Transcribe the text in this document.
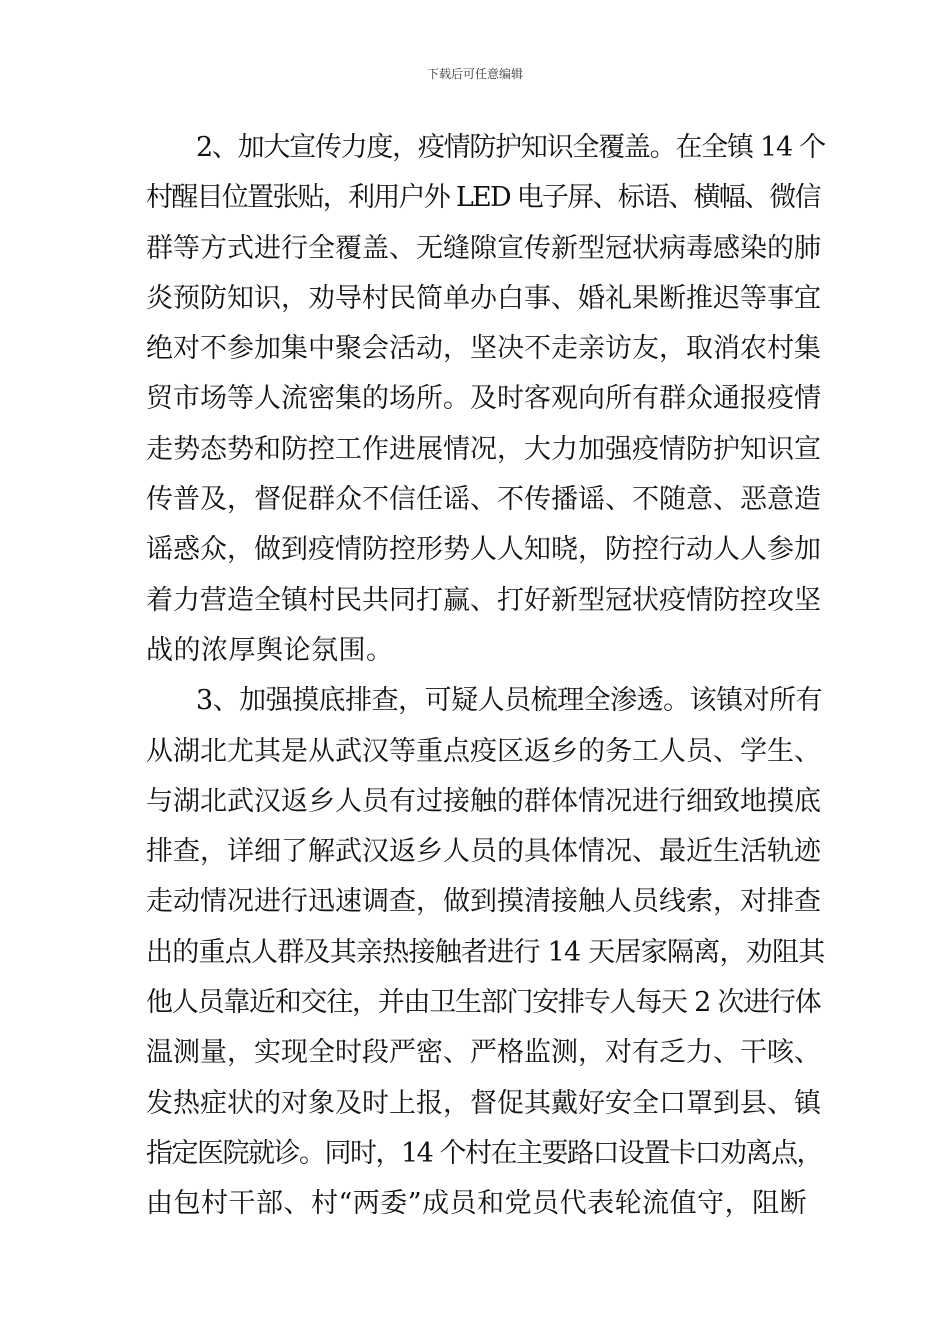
下载后可任意编辑
2、加大宣传力度，疫情防护知识全覆盖。在全镇 14 个
村醒目位置张贴，利用户外 LED 电子屏、标语、横幅、微信
群等方式进行全覆盖、无缝隙宣传新型冠状病毒感染的肺
炎预防知识，劝导村民简单办白事、婚礼果断推迟等事宜
绝对不参加集中聚会活动，坚决不走亲访友，取消农村集
贸市场等人流密集的场所。及时客观向所有群众通报疫情
走势态势和防控工作进展情况，大力加强疫情防护知识宣
传普及，督促群众不信任谣、不传播谣、不随意、恶意造
谣惑众，做到疫情防控形势人人知晓，防控行动人人参加
着力营造全镇村民共同打赢、打好新型冠状疫情防控攻坚
战的浓厚舆论氛围。
3、加强摸底排查，可疑人员梳理全渗透。该镇对所有
从湖北尤其是从武汉等重点疫区返乡的务工人员、学生、
与湖北武汉返乡人员有过接触的群体情况进行细致地摸底
排查，详细了解武汉返乡人员的具体情况、最近生活轨迹
走动情况进行迅速调查，做到摸清接触人员线索，对排查
出的重点人群及其亲热接触者进行 14 天居家隔离，劝阻其
他人员靠近和交往，并由卫生部门安排专人每天 2 次进行体
温测量，实现全时段严密、严格监测，对有乏力、干咳、
发热症状的对象及时上报，督促其戴好安全口罩到县、镇
指定医院就诊。同时，14 个村在主要路口设置卡口劝离点，
由包村干部、村“两委”成员和党员代表轮流值守，阻断
